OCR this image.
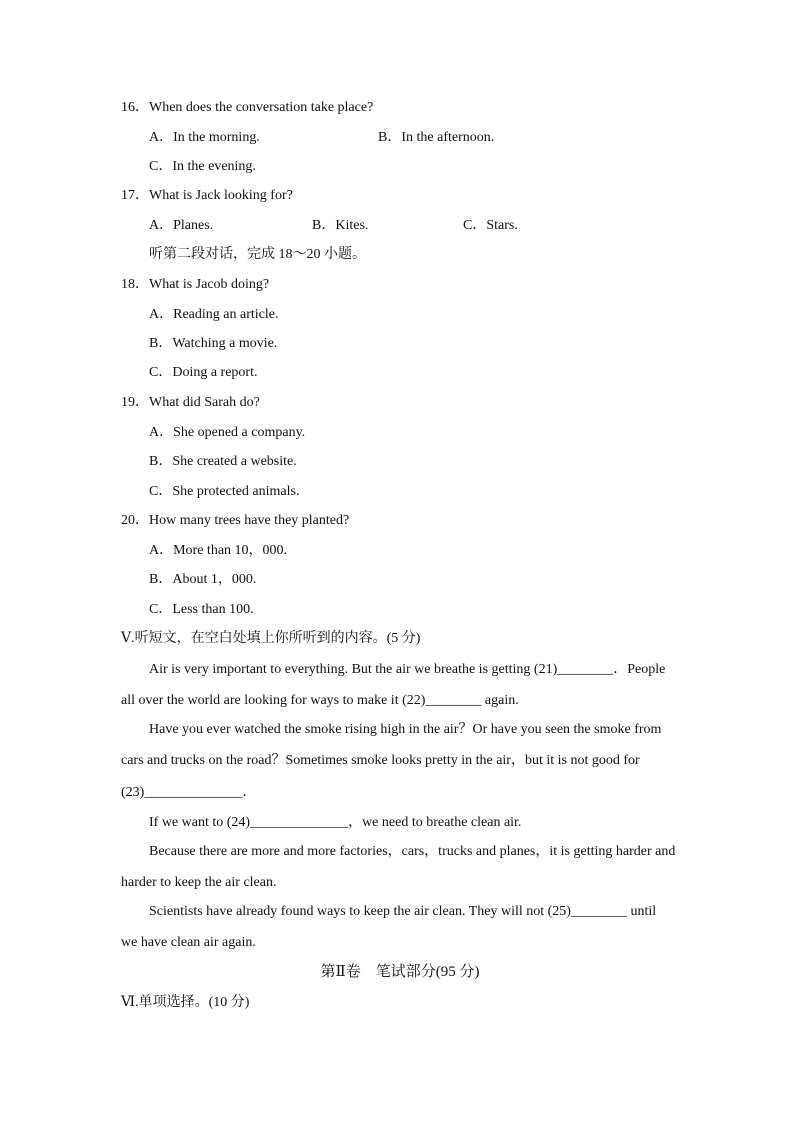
16．When does the conversation take place?
A．In the morning.	B．In the afternoon.
C．In the evening.
17．What is Jack looking for?
A．Planes.	B．Kites.	C．Stars.
听第二段对话，完成 18～20 小题。
18．What is Jacob doing?
A．Reading an article.
B．Watching a movie.
C．Doing a report.
19．What did Sarah do?
A．She opened a company.
B．She created a website.
C．She protected animals.
20．How many trees have they planted?
A．More than 10，000.
B．About 1，000.
C．Less than 100.
Ⅴ.听短文，在空白处填上你所听到的内容。(5 分)
Air is very important to everything. But the air we breathe is getting (21)________．People
all over the world are looking for ways to make it (22)________ again.
Have you ever watched the smoke rising high in the air？Or have you seen the smoke from
cars and trucks on the road？Sometimes smoke looks pretty in the air，but it is not good for
(23)______________．
If we want to (24)______________，we need to breathe clean air.
Because there are more and more factories，cars，trucks and planes，it is getting harder and
harder to keep the air clean.
Scientists have already found ways to keep the air clean. They will not (25)________ until
we have clean air again.
第Ⅱ卷　笔试部分(95 分)
Ⅵ.单项选择。(10 分)
